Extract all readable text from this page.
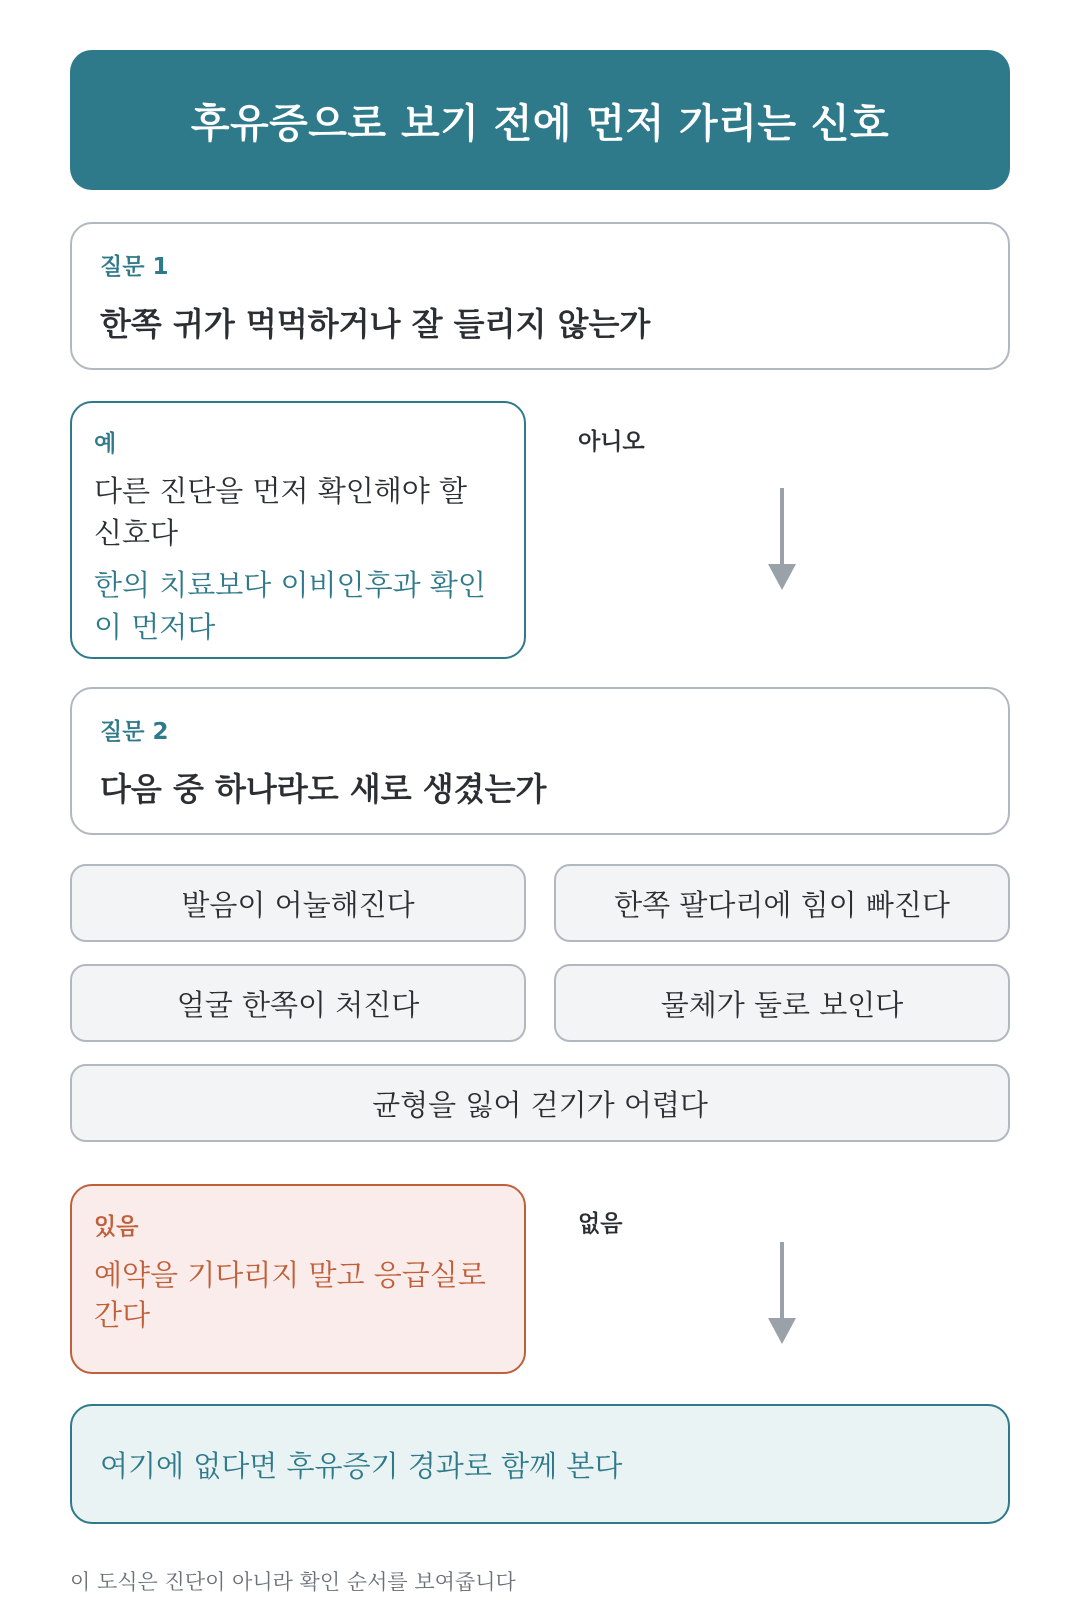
후유증으로 보기 전에 먼저 가리는 신호
질문 1
한쪽 귀가 먹먹하거나 잘 들리지 않는가
예
다른 진단을 먼저 확인해야 할 신호다
한의 치료보다 이비인후과 확인이 먼저다
아니오
질문 2
다음 중 하나라도 새로 생겼는가
발음이 어눌해진다	한쪽 팔다리에 힘이 빠진다
얼굴 한쪽이 처진다	물체가 둘로 보인다
균형을 잃어 걷기가 어렵다
있음
예약을 기다리지 말고 응급실로 간다
없음
여기에 없다면 후유증기 경과로 함께 본다
이 도식은 진단이 아니라 확인 순서를 보여줍니다
